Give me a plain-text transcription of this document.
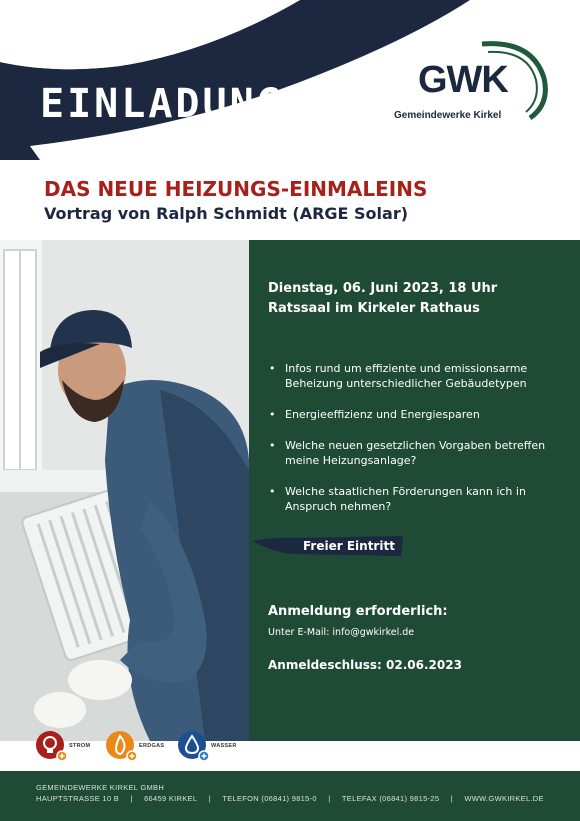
EINLADUNG
GWK
Gemeindewerke Kirkel
DAS NEUE HEIZUNGS-EINMALEINS
Vortrag von Ralph Schmidt (ARGE Solar)
Dienstag, 06. Juni 2023, 18 Uhr
Ratssaal im Kirkeler Rathaus
• Infos rund um effiziente und emissionsarme Beheizung unterschiedlicher Gebäudetypen
• Energieeffizienz und Energiesparen
• Welche neuen gesetzlichen Vorgaben betreffen meine Heizungsanlage?
• Welche staatlichen Förderungen kann ich in Anspruch nehmen?
Freier Eintritt
Anmeldung erforderlich:
Unter E-Mail: info@gwkirkel.de
Anmeldeschluss: 02.06.2023
STROM	ERDGAS	WASSER
GEMEINDEWERKE KIRKEL GMBH
HAUPTSTRASSE 10 B | 66459 KIRKEL | TELEFON (06841) 9815-0 | TELEFAX (06841) 9815-25 | WWW.GWKIRKEL.DE
